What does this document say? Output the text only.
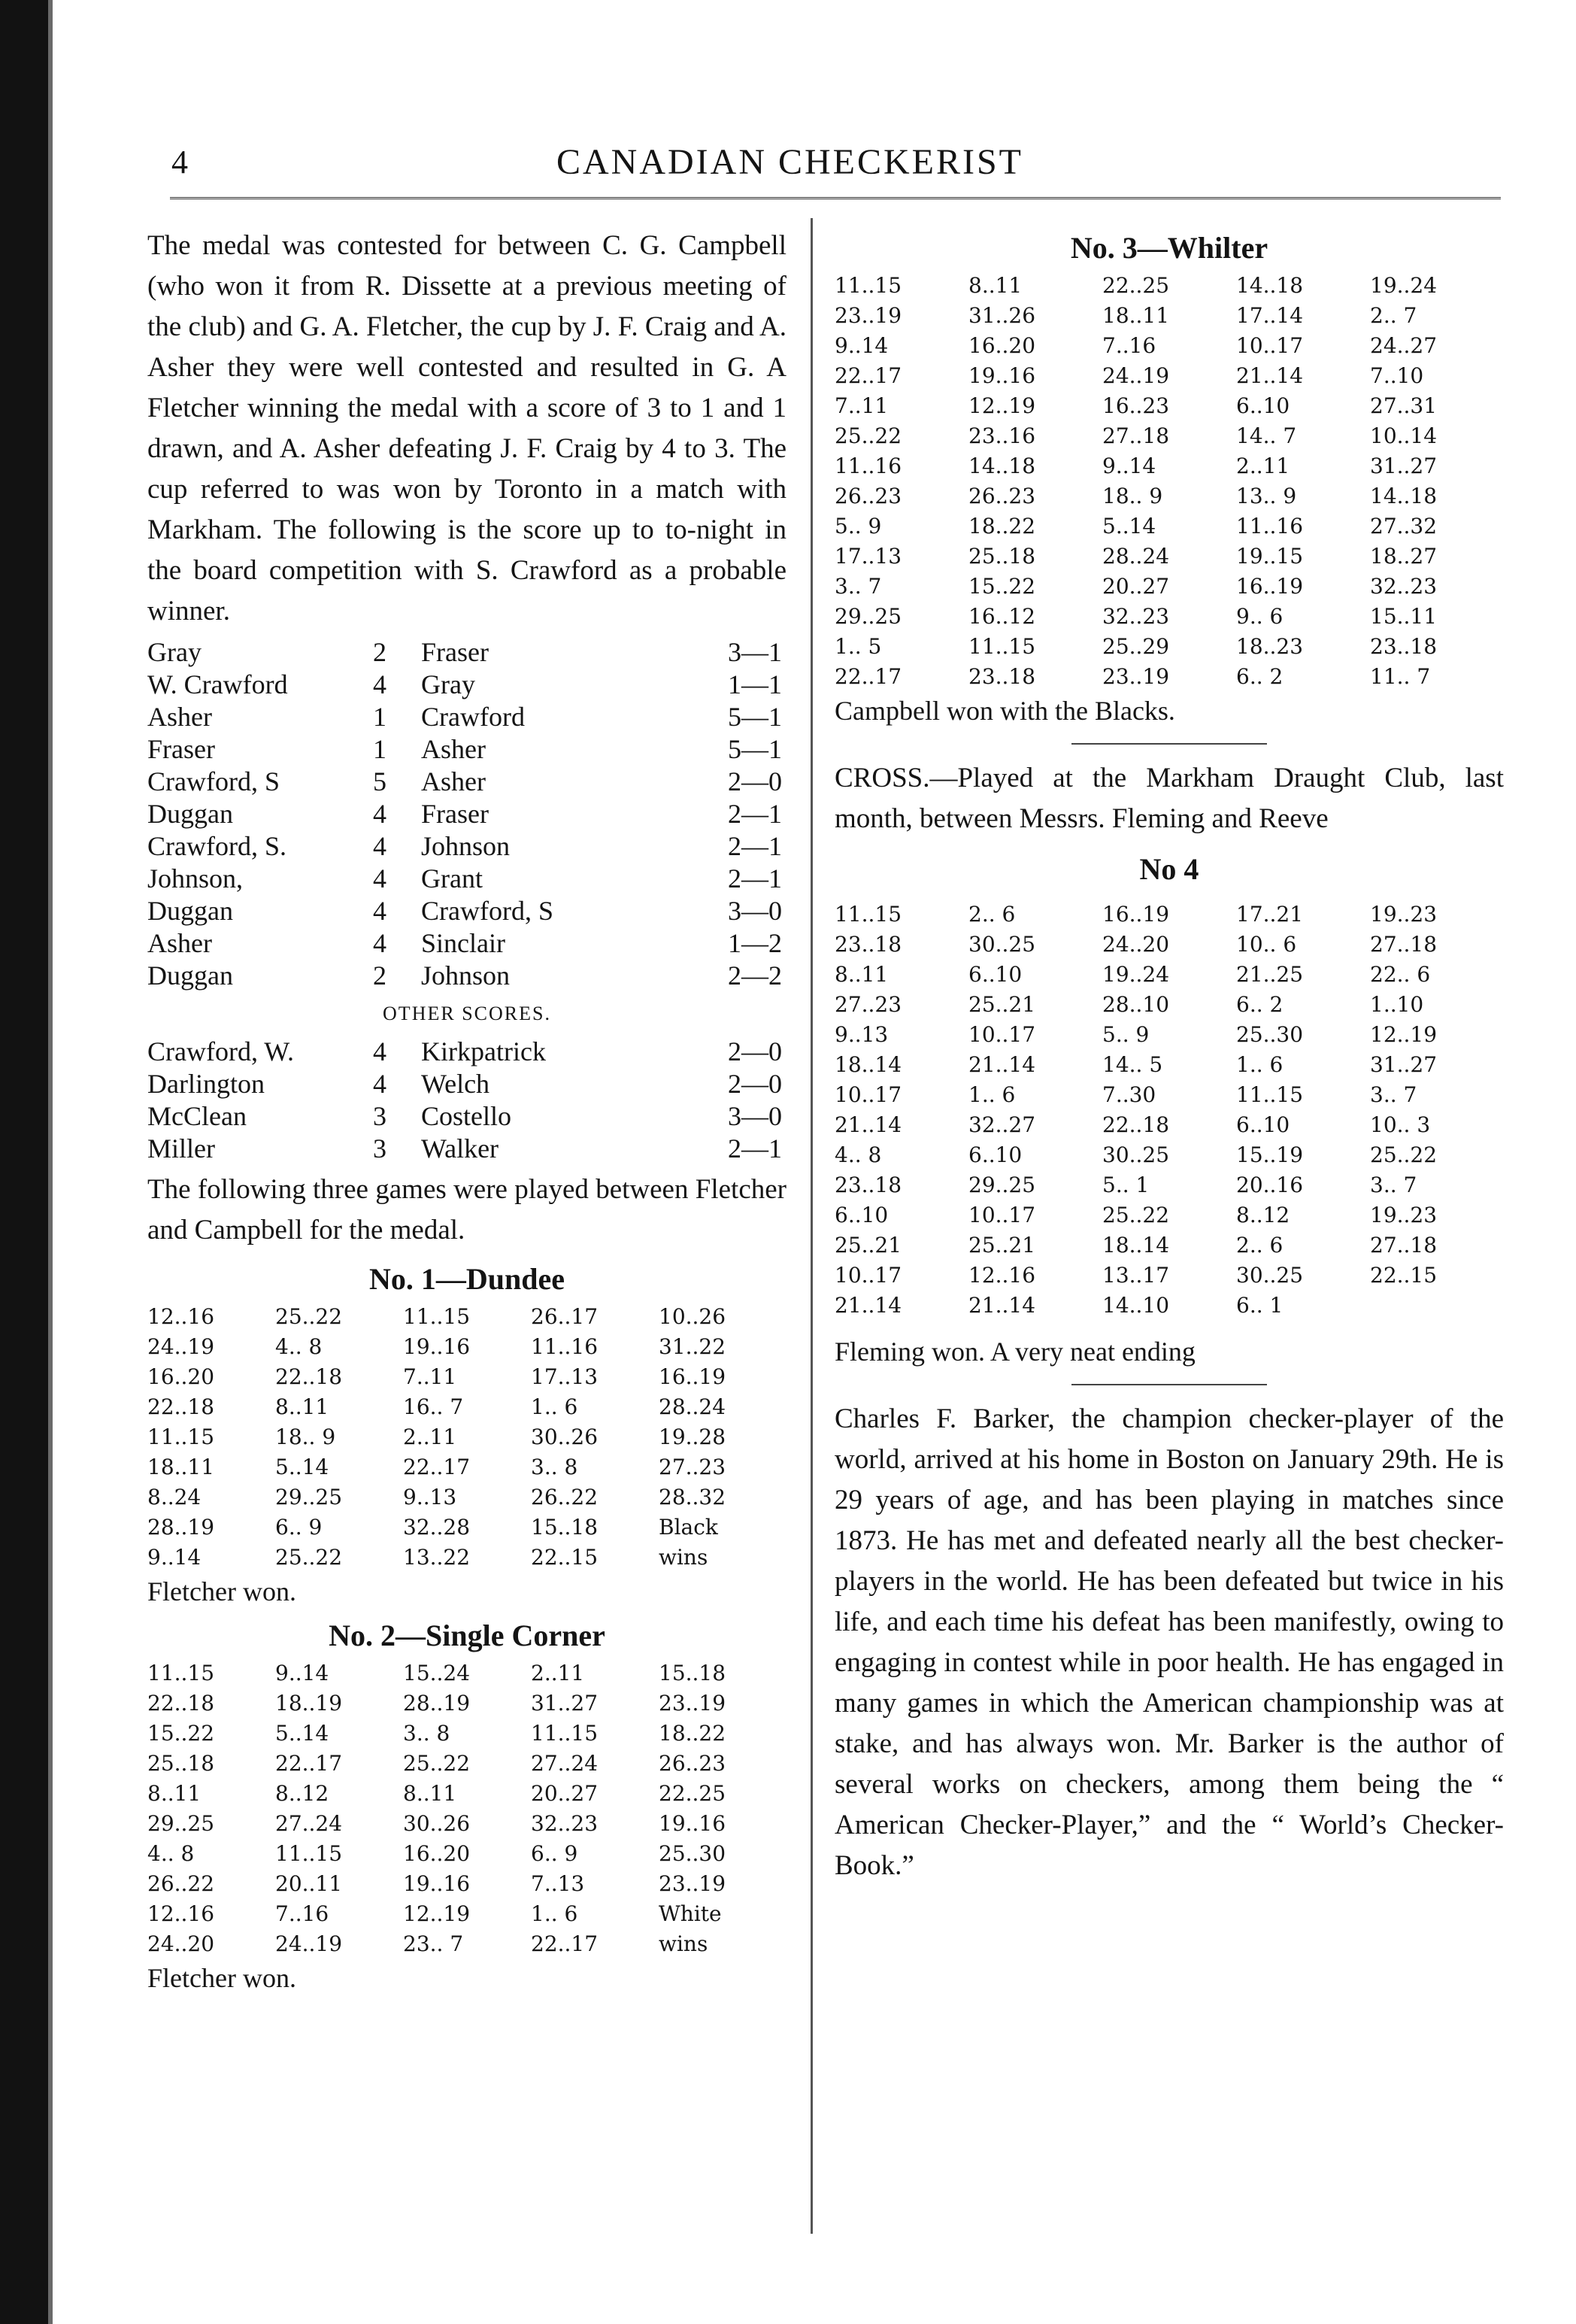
4	CANADIAN CHECKERIST

The medal was contested for between C. G. Campbell (who won it from R. Dissette at a previous meeting of the club) and G. A. Fletcher, the cup by J. F. Craig and A. Asher they were well contested and resulted in G. A Fletcher winning the medal with a score of 3 to 1 and 1 drawn, and A. Asher defeating J. F. Craig by 4 to 3. The cup referred to was won by Toronto in a match with Markham. The following is the score up to to-night in the board competition with S. Crawford as a probable winner.

Gray	2	Fraser	3—1
W. Crawford	4	Gray	1—1
Asher	1	Crawford	5—1
Fraser	1	Asher	5—1
Crawford, S	5	Asher	2—0
Duggan	4	Fraser	2—1
Crawford, S.	4	Johnson	2—1
Johnson,	4	Grant	2—1
Duggan	4	Crawford, S	3—0
Asher	4	Sinclair	1—2
Duggan	2	Johnson	2—2
OTHER SCORES.
Crawford, W.	4	Kirkpatrick	2—0
Darlington	4	Welch	2—0
McClean	3	Costello	3—0
Miller	3	Walker	2—1

The following three games were played between Fletcher and Campbell for the medal.

No. 1—Dundee
12..16	25..22	11..15	26..17	10..26
24..19	4.. 8	19..16	11..16	31..22
16..20	22..18	7..11	17..13	16..19
22..18	8..11	16.. 7	1.. 6	28..24
11..15	18.. 9	2..11	30..26	19..28
18..11	5..14	22..17	3.. 8	27..23
8..24	29..25	9..13	26..22	28..32
28..19	6.. 9	32..28	15..18	Black
9..14	25..22	13..22	22..15	wins

Fletcher won.

No. 2—Single Corner
11..15	9..14	15..24	2..11	15..18
22..18	18..19	28..19	31..27	23..19
15..22	5..14	3.. 8	11..15	18..22
25..18	22..17	25..22	27..24	26..23
8..11	8..12	8..11	20..27	22..25
29..25	27..24	30..26	32..23	19..16
4.. 8	11..15	16..20	6.. 9	25..30
26..22	20..11	19..16	7..13	23..19
12..16	7..16	12..19	1.. 6	White
24..20	24..19	23.. 7	22..17	wins

Fletcher won.

No. 3—Whilter
11..15	8..11	22..25	14..18	19..24
23..19	31..26	18..11	17..14	2.. 7
9..14	16..20	7..16	10..17	24..27
22..17	19..16	24..19	21..14	7..10
7..11	12..19	16..23	6..10	27..31
25..22	23..16	27..18	14.. 7	10..14
11..16	14..18	9..14	2..11	31..27
26..23	26..23	18.. 9	13.. 9	14..18
5.. 9	18..22	5..14	11..16	27..32
17..13	25..18	28..24	19..15	18..27
3.. 7	15..22	20..27	16..19	32..23
29..25	16..12	32..23	9.. 6	15..11
1.. 5	11..15	25..29	18..23	23..18
22..17	23..18	23..19	6.. 2	11.. 7

Campbell won with the Blacks.

CROSS.—Played at the Markham Draught Club, last month, between Messrs. Fleming and Reeve

No 4
11..15	2.. 6	16..19	17..21	19..23
23..18	30..25	24..20	10.. 6	27..18
8..11	6..10	19..24	21..25	22.. 6
27..23	25..21	28..10	6.. 2	1..10
9..13	10..17	5.. 9	25..30	12..19
18..14	21..14	14.. 5	1.. 6	31..27
10..17	1.. 6	7..30	11..15	3.. 7
21..14	32..27	22..18	6..10	10.. 3
4.. 8	6..10	30..25	15..19	25..22
23..18	29..25	5.. 1	20..16	3.. 7
6..10	10..17	25..22	8..12	19..23
25..21	25..21	18..14	2.. 6	27..18
10..17	12..16	13..17	30..25	22..15
21..14	21..14	14..10	6.. 1	

Fleming won. A very neat ending

Charles F. Barker, the champion checker-player of the world, arrived at his home in Boston on January 29th. He is 29 years of age, and has been playing in matches since 1873. He has met and defeated nearly all the best checker-players in the world. He has been defeated but twice in his life, and each time his defeat has been manifestly, owing to engaging in contest while in poor health. He has engaged in many games in which the American championship was at stake, and has always won. Mr. Barker is the author of several works on checkers, among them being the “ American Checker-Player,” and the “ World’s Checker-Book.”
